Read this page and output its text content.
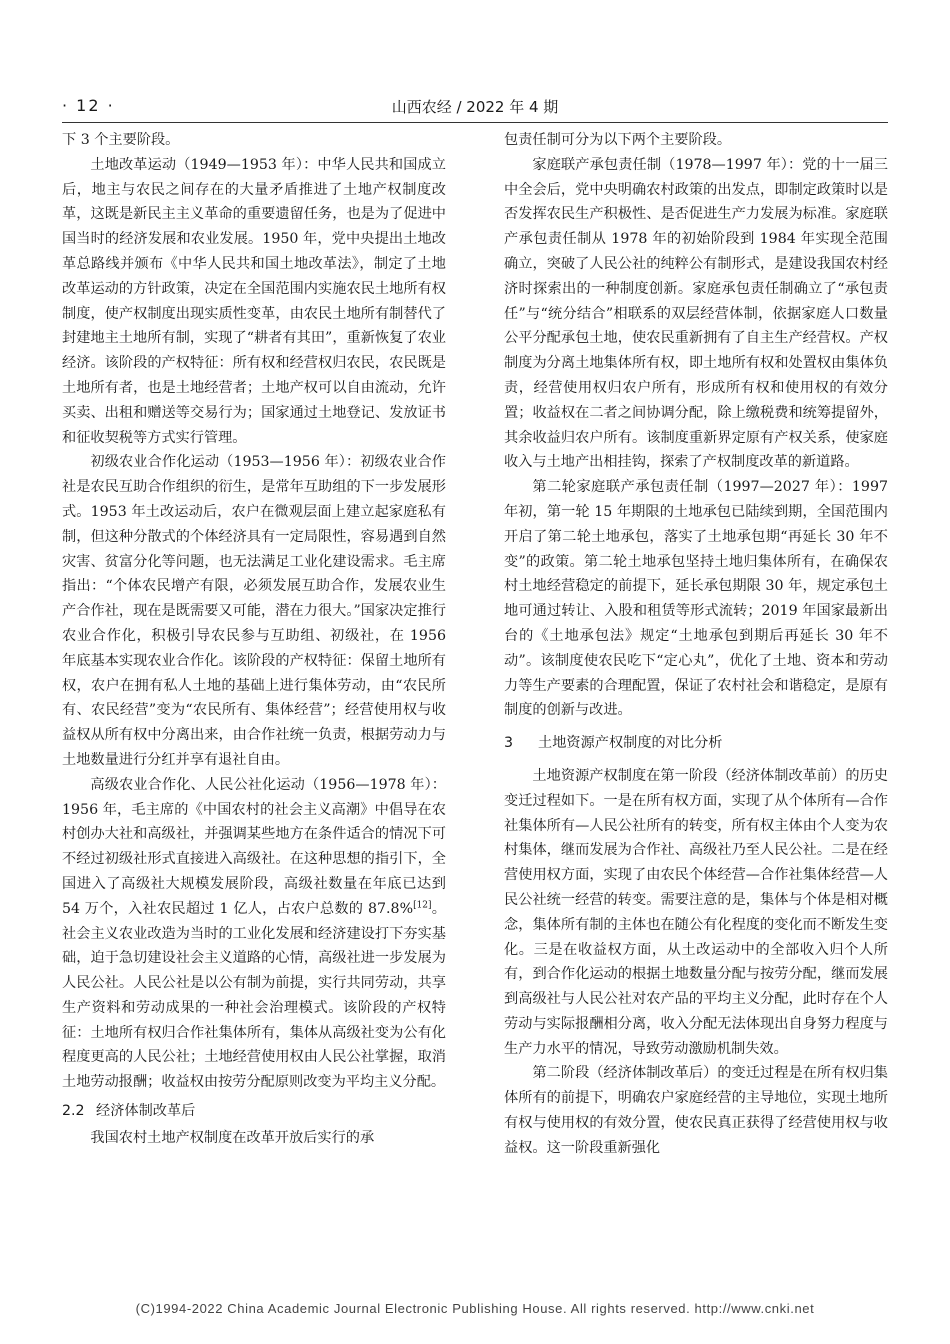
· 12 ·	山西农经 / 2022 年 4 期

下 3 个主要阶段。

土地改革运动（1949—1953 年）：中华人民共和国成立后，地主与农民之间存在的大量矛盾推进了土地产权制度改革，这既是新民主主义革命的重要遗留任务，也是为了促进中国当时的经济发展和农业发展。1950 年，党中央提出土地改革总路线并颁布《中华人民共和国土地改革法》，制定了土地改革运动的方针政策，决定在全国范围内实施农民土地所有权制度，使产权制度出现实质性变革，由农民土地所有制替代了封建地主土地所有制，实现了“耕者有其田”，重新恢复了农业经济。该阶段的产权特征：所有权和经营权归农民，农民既是土地所有者，也是土地经营者；土地产权可以自由流动，允许买卖、出租和赠送等交易行为；国家通过土地登记、发放证书和征收契税等方式实行管理。

初级农业合作化运动（1953—1956 年）：初级农业合作社是农民互助合作组织的衍生，是常年互助组的下一步发展形式。1953 年土改运动后，农户在微观层面上建立起家庭私有制，但这种分散式的个体经济具有一定局限性，容易遇到自然灾害、贫富分化等问题，也无法满足工业化建设需求。毛主席指出：“个体农民增产有限，必须发展互助合作，发展农业生产合作社，现在是既需要又可能，潜在力很大。”国家决定推行农业合作化，积极引导农民参与互助组、初级社，在 1956 年底基本实现农业合作化。该阶段的产权特征：保留土地所有权，农户在拥有私人土地的基础上进行集体劳动，由“农民所有、农民经营”变为“农民所有、集体经营”；经营使用权与收益权从所有权中分离出来，由合作社统一负责，根据劳动力与土地数量进行分红并享有退社自由。

高级农业合作化、人民公社化运动（1956—1978 年）：1956 年，毛主席的《中国农村的社会主义高潮》中倡导在农村创办大社和高级社，并强调某些地方在条件适合的情况下可不经过初级社形式直接进入高级社。在这种思想的指引下，全国进入了高级社大规模发展阶段，高级社数量在年底已达到 54 万个，入社农民超过 1 亿人，占农户总数的 87.8%[12]。社会主义农业改造为当时的工业化发展和经济建设打下夯实基础，迫于急切建设社会主义道路的心情，高级社进一步发展为人民公社。人民公社是以公有制为前提，实行共同劳动，共享生产资料和劳动成果的一种社会治理模式。该阶段的产权特征：土地所有权归合作社集体所有，集体从高级社变为公有化程度更高的人民公社；土地经营使用权由人民公社掌握，取消土地劳动报酬；收益权由按劳分配原则改变为平均主义分配。

2.2 经济体制改革后

我国农村土地产权制度在改革开放后实行的承

包责任制可分为以下两个主要阶段。

家庭联产承包责任制（1978—1997 年）：党的十一届三中全会后，党中央明确农村政策的出发点，即制定政策时以是否发挥农民生产积极性、是否促进生产力发展为标准。家庭联产承包责任制从 1978 年的初始阶段到 1984 年实现全范围确立，突破了人民公社的纯粹公有制形式，是建设我国农村经济时探索出的一种制度创新。家庭承包责任制确立了“承包责任”与“统分结合”相联系的双层经营体制，依据家庭人口数量公平分配承包土地，使农民重新拥有了自主生产经营权。产权制度为分离土地集体所有权，即土地所有权和处置权由集体负责，经营使用权归农户所有，形成所有权和使用权的有效分置；收益权在二者之间协调分配，除上缴税费和统筹提留外，其余收益归农户所有。该制度重新界定原有产权关系，使家庭收入与土地产出相挂钩，探索了产权制度改革的新道路。

第二轮家庭联产承包责任制（1997—2027 年）：1997 年初，第一轮 15 年期限的土地承包已陆续到期，全国范围内开启了第二轮土地承包，落实了土地承包期“再延长 30 年不变”的政策。第二轮土地承包坚持土地归集体所有，在确保农村土地经营稳定的前提下，延长承包期限 30 年，规定承包土地可通过转让、入股和租赁等形式流转；2019 年国家最新出台的《土地承包法》规定“土地承包到期后再延长 30 年不动”。该制度使农民吃下“定心丸”，优化了土地、资本和劳动力等生产要素的合理配置，保证了农村社会和谐稳定，是原有制度的创新与改进。

3 土地资源产权制度的对比分析

土地资源产权制度在第一阶段（经济体制改革前）的历史变迁过程如下。一是在所有权方面，实现了从个体所有—合作社集体所有—人民公社所有的转变，所有权主体由个人变为农村集体，继而发展为合作社、高级社乃至人民公社。二是在经营使用权方面，实现了由农民个体经营—合作社集体经营—人民公社统一经营的转变。需要注意的是，集体与个体是相对概念，集体所有制的主体也在随公有化程度的变化而不断发生变化。三是在收益权方面，从土改运动中的全部收入归个人所有，到合作化运动的根据土地数量分配与按劳分配，继而发展到高级社与人民公社对农产品的平均主义分配，此时存在个人劳动与实际报酬相分离，收入分配无法体现出自身努力程度与生产力水平的情况，导致劳动激励机制失效。

第二阶段（经济体制改革后）的变迁过程是在所有权归集体所有的前提下，明确农户家庭经营的主导地位，实现土地所有权与使用权的有效分置，使农民真正获得了经营使用权与收益权。这一阶段重新强化

(C)1994-2022 China Academic Journal Electronic Publishing House. All rights reserved. http://www.cnki.net
